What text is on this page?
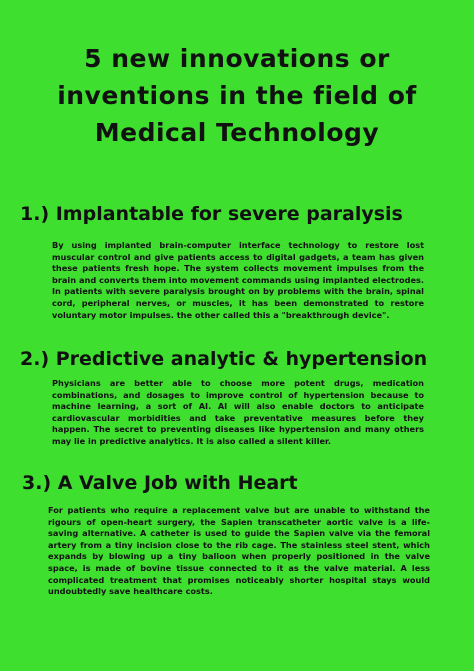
5 new innovations or
inventions in the field of
Medical Technology
1.) Implantable for severe paralysis

By using implanted brain-computer interface technology to restore lost muscular control and give patients access to digital gadgets, a team has given these patients fresh hope. The system collects movement impulses from the brain and converts them into movement commands using implanted electrodes. In patients with severe paralysis brought on by problems with the brain, spinal cord, peripheral nerves, or muscles, it has been demonstrated to restore voluntary motor impulses. the other called this a "breakthrough device".

2.) Predictive analytic & hypertension

Physicians are better able to choose more potent drugs, medication combinations, and dosages to improve control of hypertension because to machine learning, a sort of AI. AI will also enable doctors to anticipate cardiovascular morbidities and take preventative measures before they happen. The secret to preventing diseases like hypertension and many others may lie in predictive analytics. It is also called a silent killer.

3.) A Valve Job with Heart

For patients who require a replacement valve but are unable to withstand the rigours of open-heart surgery, the Sapien transcatheter aortic valve is a life-saving alternative. A catheter is used to guide the Sapien valve via the femoral artery from a tiny incision close to the rib cage. The stainless steel stent, which expands by blowing up a tiny balloon when properly positioned in the valve space, is made of bovine tissue connected to it as the valve material. A less complicated treatment that promises noticeably shorter hospital stays would undoubtedly save healthcare costs.
